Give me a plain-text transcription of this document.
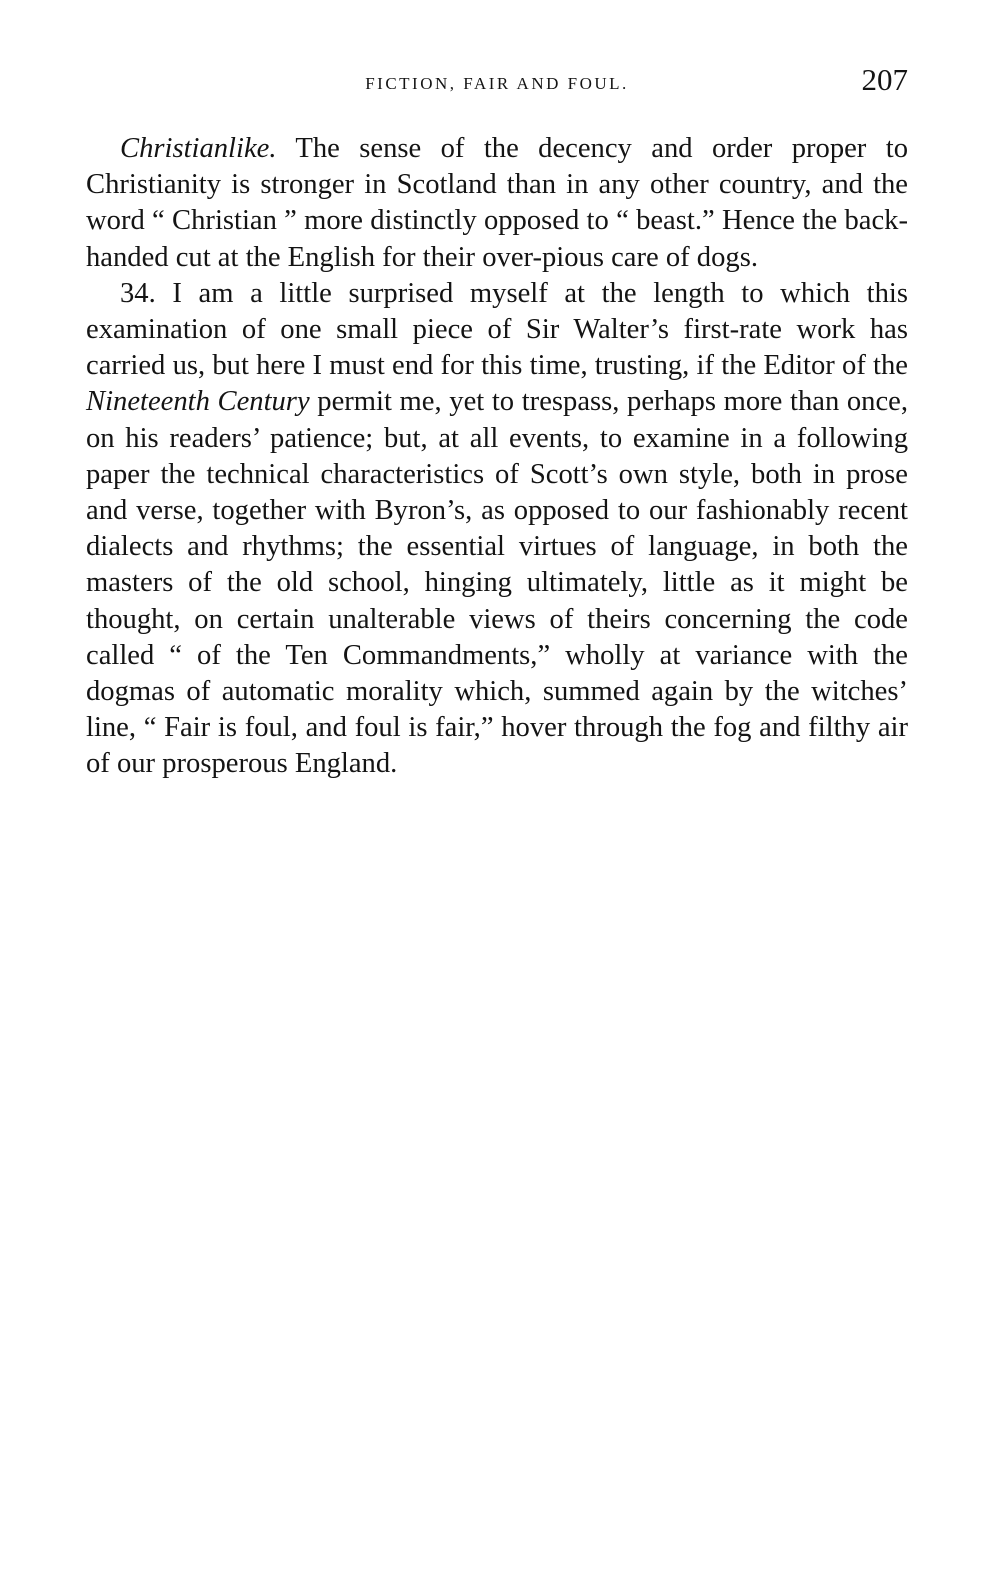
FICTION, FAIR AND FOUL.	207

Christianlike. The sense of the decency and order proper to Christianity is stronger in Scotland than in any other country, and the word “ Christian ” more distinctly opposed to “ beast.” Hence the back-handed cut at the English for their over-pious care of dogs.

34. I am a little surprised myself at the length to which this examination of one small piece of Sir Walter’s first-rate work has carried us, but here I must end for this time, trusting, if the Editor of the Nineteenth Century permit me, yet to trespass, perhaps more than once, on his readers’ patience; but, at all events, to examine in a following paper the technical characteristics of Scott’s own style, both in prose and verse, together with Byron’s, as opposed to our fashionably recent dialects and rhythms; the essential virtues of language, in both the masters of the old school, hinging ultimately, little as it might be thought, on certain unalterable views of theirs concerning the code called “ of the Ten Commandments,” wholly at variance with the dogmas of automatic morality which, summed again by the witches’ line, “ Fair is foul, and foul is fair,” hover through the fog and filthy air of our prosperous England.
